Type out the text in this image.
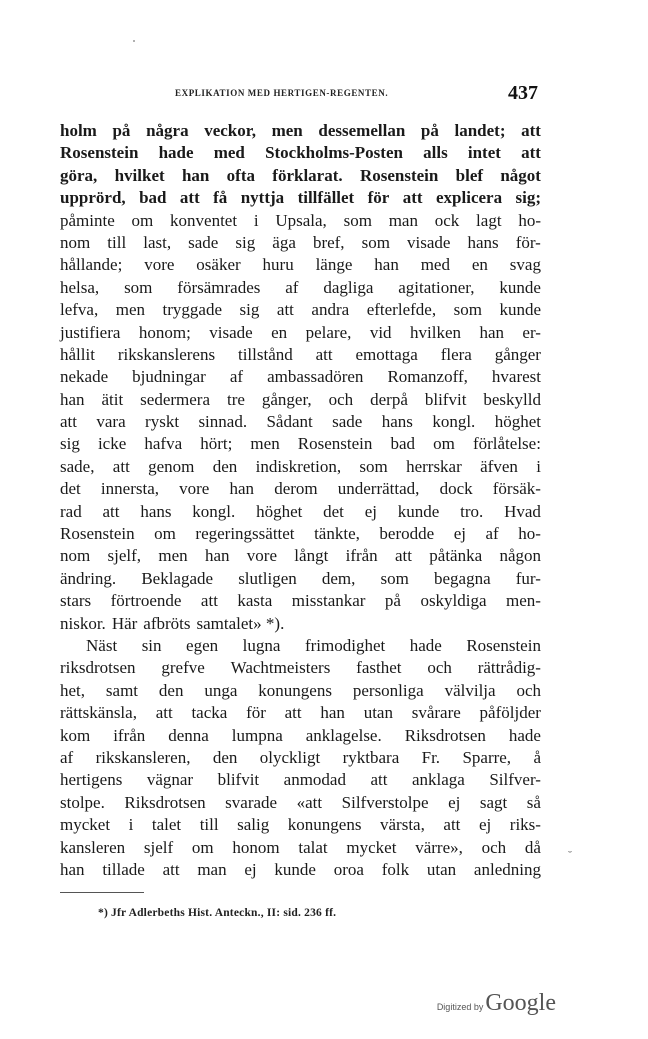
EXPLIKATION MED HERTIGEN-REGENTEN.	437
holm på några veckor, men dessemellan på landet; att
Rosenstein hade med Stockholms-Posten alls intet att
göra, hvilket han ofta förklarat. Rosenstein blef något
upprörd, bad att få nyttja tillfället för att explicera sig;
påminte om konventet i Upsala, som man ock lagt ho-
nom till last, sade sig äga bref, som visade hans för-
hållande; vore osäker huru länge han med en svag
helsa, som försämrades af dagliga agitationer, kunde
lefva, men tryggade sig att andra efterlefde, som kunde
justifiera honom; visade en pelare, vid hvilken han er-
hållit rikskanslerens tillstånd att emottaga flera gånger
nekade bjudningar af ambassadören Romanzoff, hvarest
han ätit sedermera tre gånger, och derpå blifvit beskylld
att vara ryskt sinnad. Sådant sade hans kongl. höghet
sig icke hafva hört; men Rosenstein bad om förlåtelse:
sade, att genom den indiskretion, som herrskar äfven i
det innersta, vore han derom underrättad, dock försäk-
rad att hans kongl. höghet det ej kunde tro. Hvad
Rosenstein om regeringssättet tänkte, berodde ej af ho-
nom sjelf, men han vore långt ifrån att påtänka någon
ändring. Beklagade slutligen dem, som begagna fur-
stars förtroende att kasta misstankar på oskyldiga men-
niskor. Här afbröts samtalet» *).
Näst sin egen lugna frimodighet hade Rosenstein
riksdrotsen grefve Wachtmeisters fasthet och rättrådig-
het, samt den unga konungens personliga välvilja och
rättskänsla, att tacka för att han utan svårare påföljder
kom ifrån denna lumpna anklagelse. Riksdrotsen hade
af rikskansleren, den olyckligt ryktbara Fr. Sparre, å
hertigens vägnar blifvit anmodad att anklaga Silfver-
stolpe. Riksdrotsen svarade «att Silfverstolpe ej sagt så
mycket i talet till salig konungens värsta, att ej riks-
kansleren sjelf om honom talat mycket värre», och då
han tillade att man ej kunde oroa folk utan anledning
˘
*) Jfr Adlerbeths Hist. Anteckn., II: sid. 236 ff.
Digitized by Google
